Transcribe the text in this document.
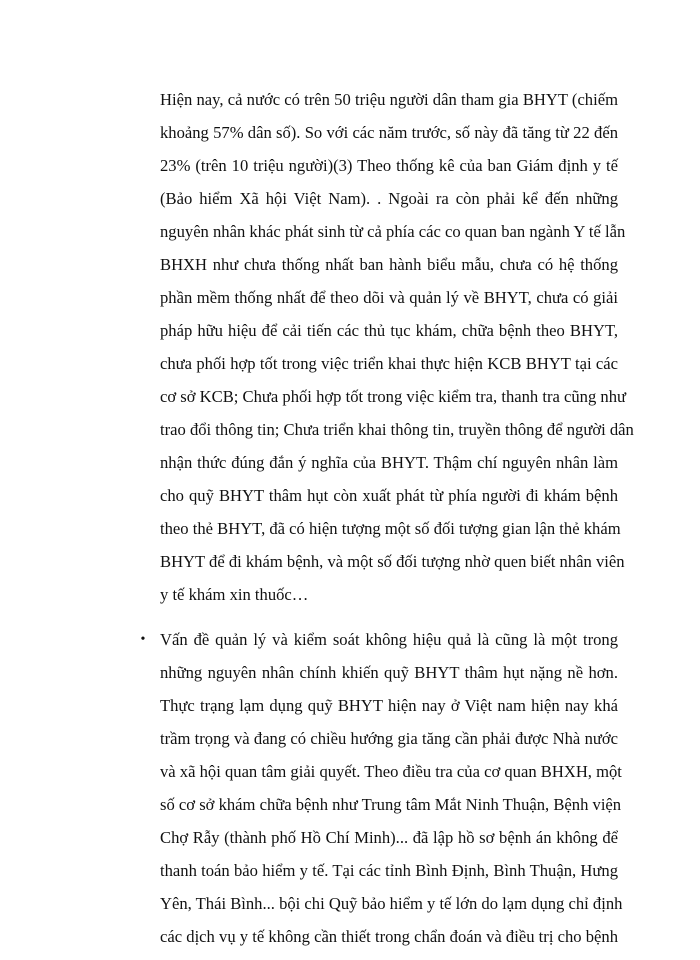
Hiện nay, cả nước có trên 50 triệu người dân tham gia BHYT (chiếm
khoảng 57% dân số). So với các năm trước, số này đã tăng từ 22 đến
23% (trên 10 triệu người)(3) Theo thống kê của ban Giám định y tế
(Bảo hiểm Xã hội Việt Nam). . Ngoài ra còn phải kể đến những
nguyên nhân khác phát sinh từ cả phía các co quan ban ngành Y tế lẫn
BHXH như chưa thống nhất ban hành biểu mẫu, chưa có hệ thống
phần mềm thống nhất để theo dõi và quản lý về BHYT, chưa có giải
pháp hữu hiệu để cải tiến các thủ tục khám, chữa bệnh theo BHYT,
chưa phối hợp tốt trong việc triển khai thực hiện KCB BHYT tại các
cơ sở KCB; Chưa phối hợp tốt trong việc kiểm tra, thanh tra cũng như
trao đổi thông tin; Chưa triển khai thông tin, truyền thông để người dân
nhận thức đúng đắn ý nghĩa của BHYT. Thậm chí nguyên nhân làm
cho quỹ BHYT thâm hụt còn xuất phát từ phía người đi khám bệnh
theo thẻ BHYT, đã có hiện tượng một số đối tượng gian lận thẻ khám
BHYT để đi khám bệnh, và một số đối tượng nhờ quen biết nhân viên
y tế khám xin thuốc…
• Vấn đề quản lý và kiểm soát không hiệu quả là cũng là một trong
những nguyên nhân chính khiến quỹ BHYT thâm hụt nặng nề hơn.
Thực trạng lạm dụng quỹ BHYT hiện nay ở Việt nam hiện nay khá
trầm trọng và đang có chiều hướng gia tăng cần phải được Nhà nước
và xã hội quan tâm giải quyết. Theo điều tra của cơ quan BHXH, một
số cơ sở khám chữa bệnh như Trung tâm Mắt Ninh Thuận, Bệnh viện
Chợ Rẫy (thành phố Hồ Chí Minh)... đã lập hồ sơ bệnh án không để
thanh toán bảo hiểm y tế. Tại các tỉnh Bình Định, Bình Thuận, Hưng
Yên, Thái Bình... bội chi Quỹ bảo hiểm y tế lớn do lạm dụng chỉ định
các dịch vụ y tế không cần thiết trong chẩn đoán và điều trị cho bệnh
